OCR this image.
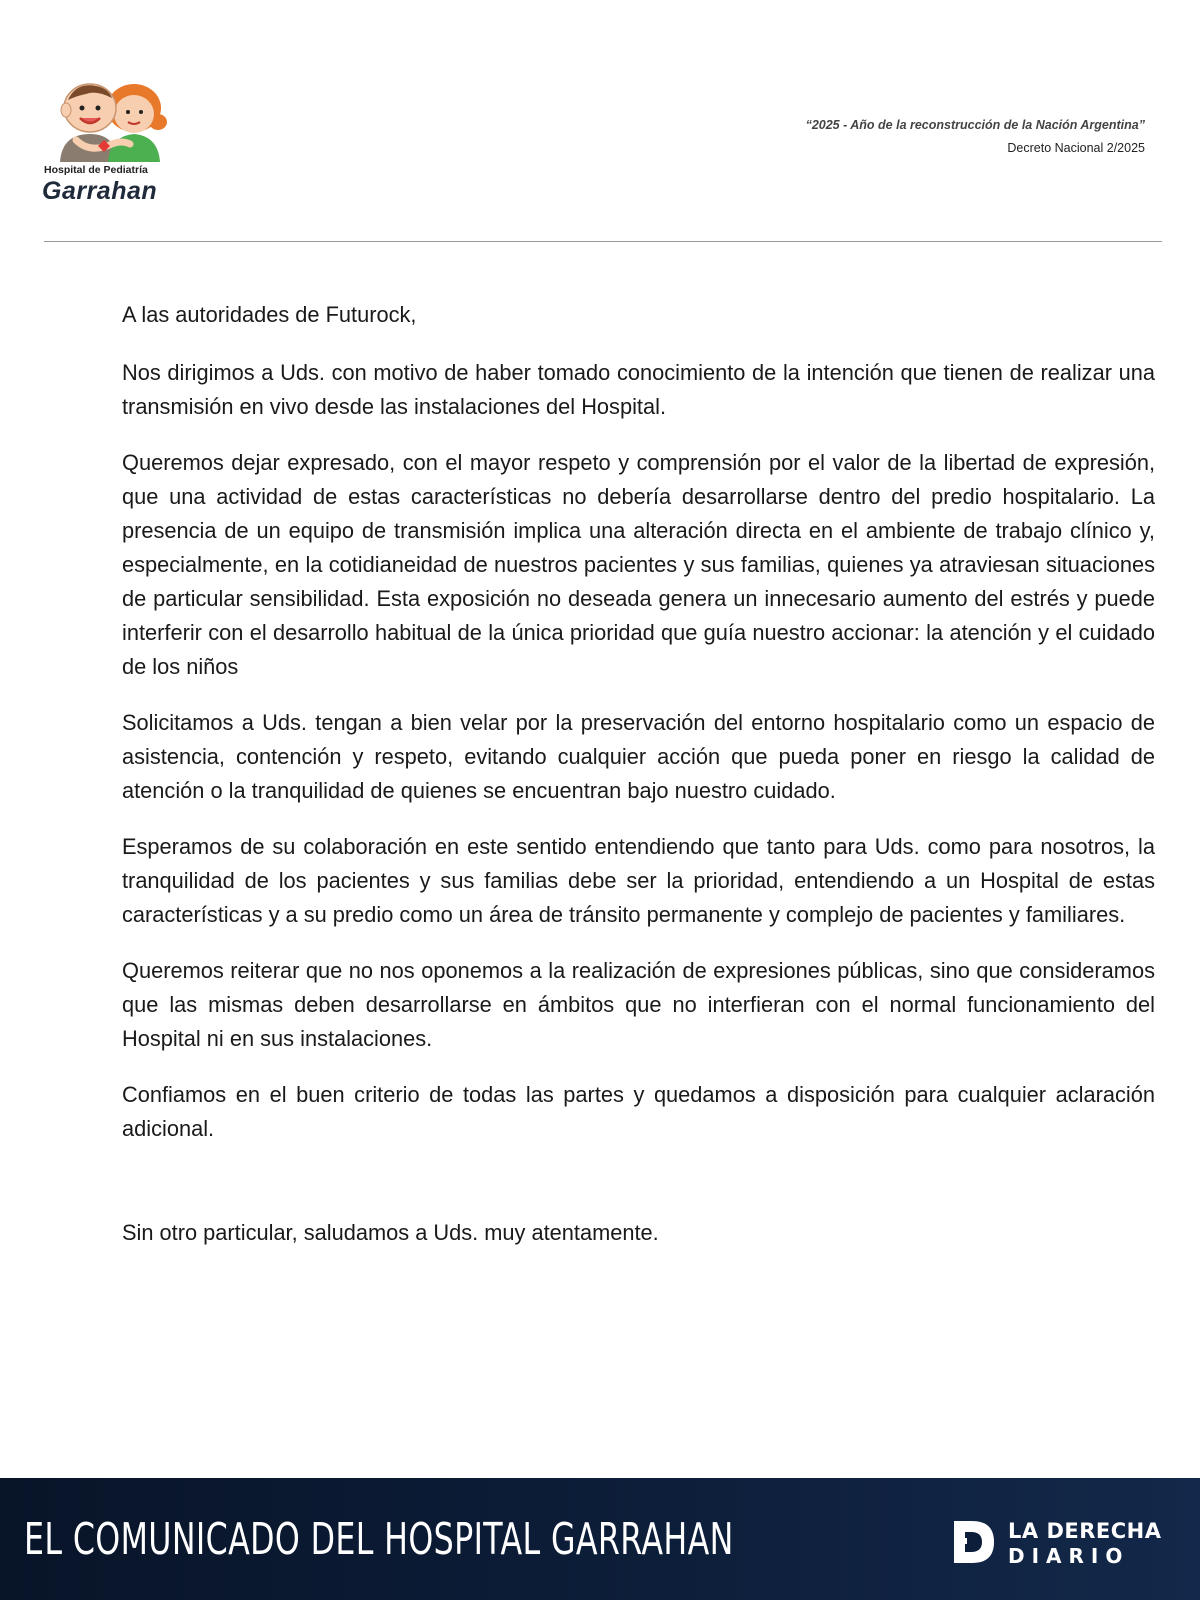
Hospital de Pediatría
Garrahan
“2025 - Año de la reconstrucción de la Nación Argentina”
Decreto Nacional 2/2025

A las autoridades de Futurock,

Nos dirigimos a Uds. con motivo de haber tomado conocimiento de la intención que tienen de realizar una transmisión en vivo desde las instalaciones del Hospital.

Queremos dejar expresado, con el mayor respeto y comprensión por el valor de la libertad de expresión, que una actividad de estas características no debería desarrollarse dentro del predio hospitalario. La presencia de un equipo de transmisión implica una alteración directa en el ambiente de trabajo clínico y, especialmente, en la cotidianeidad de nuestros pacientes y sus familias, quienes ya atraviesan situaciones de particular sensibilidad. Esta exposición no deseada genera un innecesario aumento del estrés y puede interferir con el desarrollo habitual de la única prioridad que guía nuestro accionar: la atención y el cuidado de los niños

Solicitamos a Uds. tengan a bien velar por la preservación del entorno hospitalario como un espacio de asistencia, contención y respeto, evitando cualquier acción que pueda poner en riesgo la calidad de atención o la tranquilidad de quienes se encuentran bajo nuestro cuidado.

Esperamos de su colaboración en este sentido entendiendo que tanto para Uds. como para nosotros, la tranquilidad de los pacientes y sus familias debe ser la prioridad, entendiendo a un Hospital de estas características y a su predio como un área de tránsito permanente y complejo de pacientes y familiares.

Queremos reiterar que no nos oponemos a la realización de expresiones públicas, sino que consideramos que las mismas deben desarrollarse en ámbitos que no interfieran con el normal funcionamiento del Hospital ni en sus instalaciones.

Confiamos en el buen criterio de todas las partes y quedamos a disposición para cualquier aclaración adicional.

Sin otro particular, saludamos a Uds. muy atentamente.

EL COMUNICADO DEL HOSPITAL GARRAHAN	LA DERECHA
DIARIO
